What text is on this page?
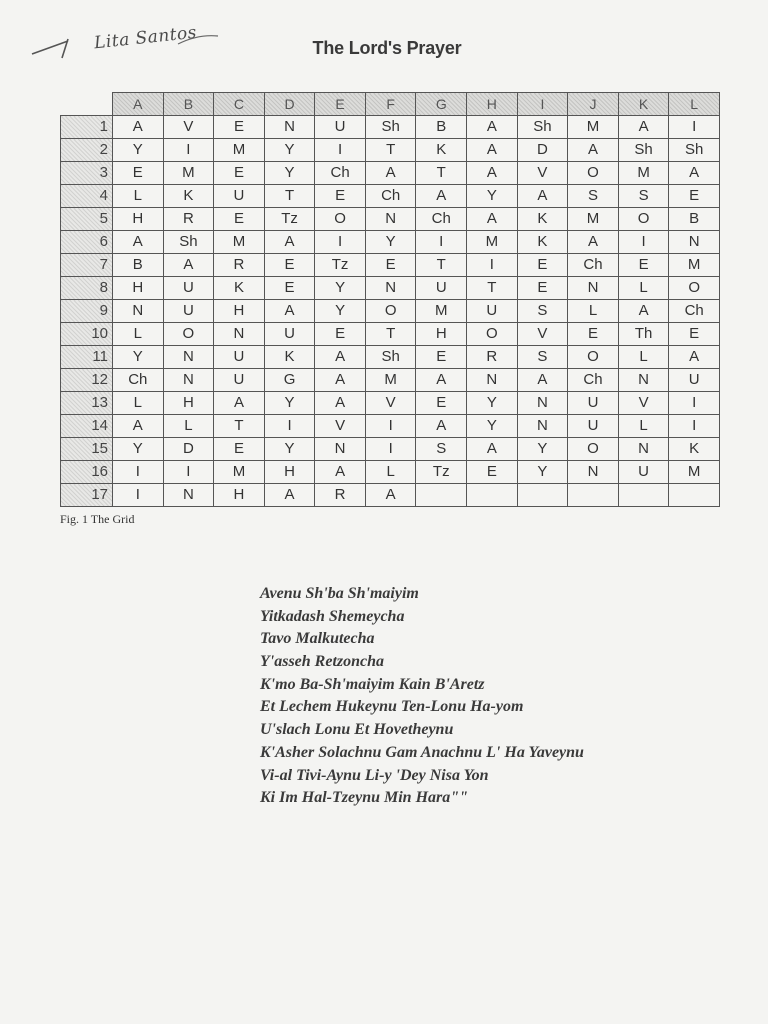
Lita Santos	The Lord's Prayer
	A	B	C	D	E	F	G	H	I	J	K	L
1	A	V	E	N	U	Sh	B	A	Sh	M	A	I
2	Y	I	M	Y	I	T	K	A	D	A	Sh	Sh
3	E	M	E	Y	Ch	A	T	A	V	O	M	A
4	L	K	U	T	E	Ch	A	Y	A	S	S	E
5	H	R	E	Tz	O	N	Ch	A	K	M	O	B
6	A	Sh	M	A	I	Y	I	M	K	A	I	N
7	B	A	R	E	Tz	E	T	I	E	Ch	E	M
8	H	U	K	E	Y	N	U	T	E	N	L	O
9	N	U	H	A	Y	O	M	U	S	L	A	Ch
10	L	O	N	U	E	T	H	O	V	E	Th	E
11	Y	N	U	K	A	Sh	E	R	S	O	L	A
12	Ch	N	U	G	A	M	A	N	A	Ch	N	U
13	L	H	A	Y	A	V	E	Y	N	U	V	I
14	A	L	T	I	V	I	A	Y	N	U	L	I
15	Y	D	E	Y	N	I	S	A	Y	O	N	K
16	I	I	M	H	A	L	Tz	E	Y	N	U	M
17	I	N	H	A	R	A						
Fig. 1 The Grid
Avenu Sh'ba Sh'maiyim
Yitkadash Shemeycha
Tavo Malkutecha
Y'asseh Retzoncha
K'mo Ba-Sh'maiyim Kain B'Aretz
Et Lechem Hukeynu Ten-Lonu Ha-yom
U'slach Lonu Et Hovetheynu
K'Asher Solachnu Gam Anachnu L' Ha Yaveynu
Vi-al Tivi-Aynu Li-y 'Dey Nisa Yon
Ki Im Hal-Tzeynu Min Hara""
